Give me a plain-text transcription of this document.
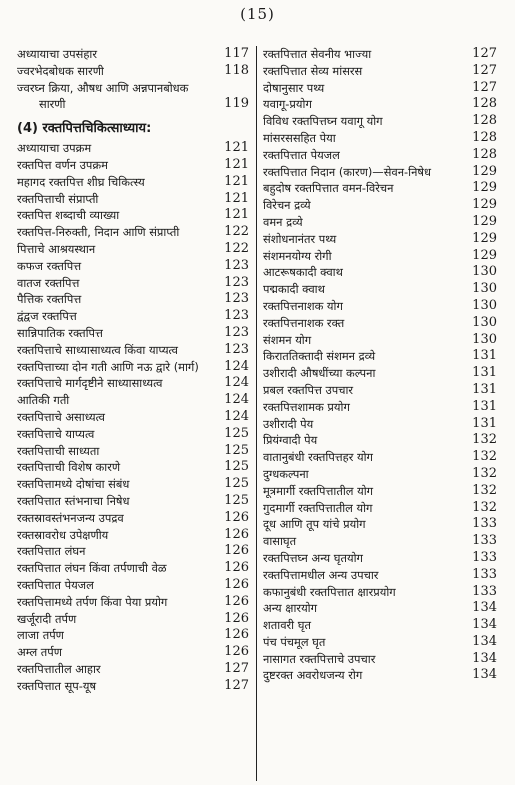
(15)
अध्यायाचा उपसंहार	117
ज्वरभेदबोधक सारणी	118
ज्वरघ्न क्रिया, औषध आणि अन्नपानबोधक
सारणी	119
(4) रक्तपित्तचिकित्साध्याय:
अध्यायाचा उपक्रम	121
रक्तपित्त वर्णन उपक्रम	121
महागद रक्तपित्त शीघ्र चिकित्स्य	121
रक्तपित्ताची संप्राप्ती	121
रक्तपित्त शब्दाची व्याख्या	121
रक्तपित्त-निरुक्ती, निदान आणि संप्राप्ती	122
पित्ताचे आश्रयस्थान	122
कफज रक्तपित्त	123
वातज रक्तपित्त	123
पैत्तिक रक्तपित्त	123
द्वंद्वज रक्तपित्त	123
सान्निपातिक रक्तपित्त	123
रक्तपित्ताचे साध्यासाध्यत्व किंवा याप्यत्व	123
रक्तपित्ताच्या दोन गती आणि नऊ द्वारे (मार्ग)	124
रक्तपित्ताचे मार्गदृष्टीने साध्यासाध्यत्व	124
आतिकी गती	124
रक्तपित्ताचे असाध्यत्व	124
रक्तपित्ताचे याप्यत्व	125
रक्तपित्ताची साध्यता	125
रक्तपित्ताची विशेष कारणे	125
रक्तपित्तामध्ये दोषांचा संबंध	125
रक्तपित्तात स्तंभनाचा निषेध	125
रक्तस्रावस्तंभनजन्य उपद्रव	126
रक्तस्रावरोध उपेक्षणीय	126
रक्तपित्तात लंघन	126
रक्तपित्तात लंघन किंवा तर्पणाची वेळ	126
रक्तपित्तात पेयजल	126
रक्तपित्तामध्ये तर्पण किंवा पेया प्रयोग	126
खर्जूरादी तर्पण	126
लाजा तर्पण	126
अम्ल तर्पण	126
रक्तपित्तातील आहार	127
रक्तपित्तात सूप-यूष	127
रक्तपित्तात सेवनीय भाज्या	127
रक्तपित्तात सेव्य मांसरस	127
दोषानुसार पथ्य	127
यवागू-प्रयोग	128
विविध रक्तपित्तघ्न यवागू योग	128
मांसरससहित पेया	128
रक्तपित्तात पेयजल	128
रक्तपित्तात निदान (कारण)—सेवन-निषेध	129
बहुदोष रक्तपित्तात वमन-विरेचन	129
विरेचन द्रव्ये	129
वमन द्रव्ये	129
संशोधनानंतर पथ्य	129
संशमनयोग्य रोगी	129
आटरूषकादी क्वाथ	130
पद्मकादी क्वाथ	130
रक्तपित्तनाशक योग	130
रक्तपित्तनाशक रक्त	130
संशमन योग	130
किराततिक्तादी संशमन द्रव्ये	131
उशीरादी औषधींच्या कल्पना	131
प्रबल रक्तपित्त उपचार	131
रक्तपित्तशामक प्रयोग	131
उशीरादी पेय	131
प्रियंग्वादी पेय	132
वातानुबंधी रक्तपित्तहर योग	132
दुग्धकल्पना	132
मूत्रमार्गी रक्तपित्तातील योग	132
गुदमार्गी रक्तपित्तातील योग	132
दूध आणि तूप यांचे प्रयोग	133
वासाघृत	133
रक्तपित्तघ्न अन्य घृतयोग	133
रक्तपित्तामधील अन्य उपचार	133
कफानुबंधी रक्तपित्तात क्षारप्रयोग	133
अन्य क्षारयोग	134
शतावरी घृत	134
पंच पंचमूल घृत	134
नासागत रक्तपित्ताचे उपचार	134
दुष्टरक्त अवरोधजन्य रोग	134
